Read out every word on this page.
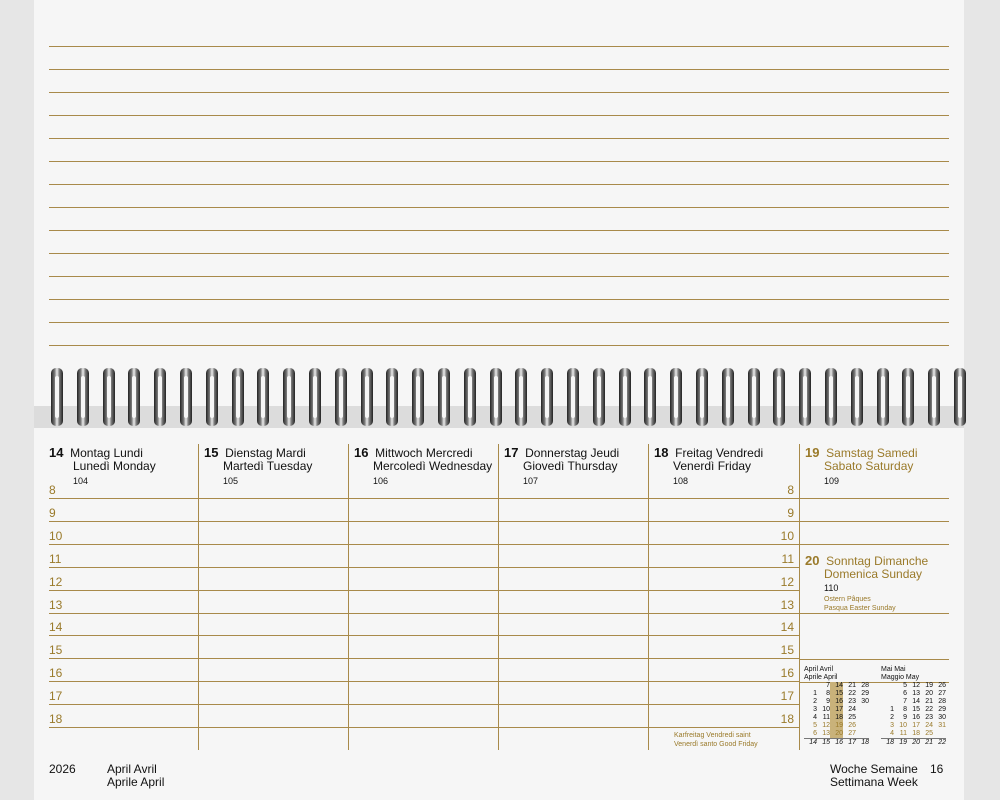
14 Montag Lundi
Lunedì Monday
104
15 Dienstag Mardi
Martedì Tuesday
105
16 Mittwoch Mercredi
Mercoledì Wednesday
106
17 Donnerstag Jeudi
Giovedì Thursday
107
18 Freitag Vendredi
Venerdì Friday
108
19 Samstag Samedi
Sabato Saturday
109
20 Sonntag Dimanche
Domenica Sunday
110
Ostern Pâques
Pasqua Easter Sunday
Karfreitag Vendredi saint
Venerdì santo Good Friday
8
9
10
11
12
13
14
15
16
17
18
8
9
10
11
12
13
14
15
16
17
18
April Avril
Aprile April
	7	14	21	28
1	8	15	22	29
2	9	16	23	30
3	10	17	24	
4	11	18	25	
5	12	19	26	
6	13	20	27	
14	15	16	17	18
Mai Mai
Maggio May
	5	12	19	26
	6	13	20	27
	7	14	21	28
1	8	15	22	29
2	9	16	23	30
3	10	17	24	31
4	11	18	25	
18	19	20	21	22
2026	April Avril
Aprile April
Woche Semaine
Settimana Week
16
